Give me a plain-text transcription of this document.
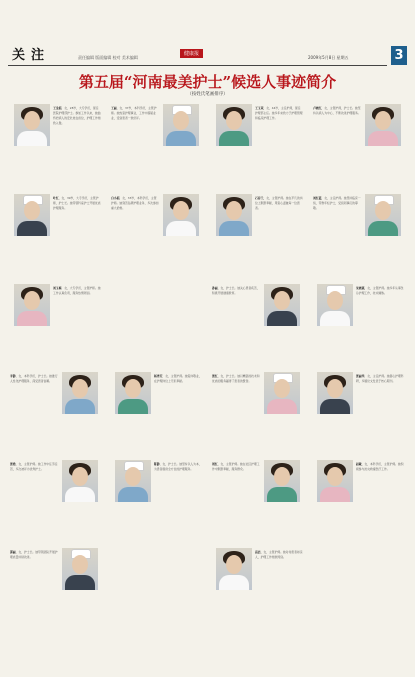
关注	责任编辑 版面编辑 校对 美术编辑
健康报
2009年5月8日 星期五	3
第五届“河南最美护士”候选人事迹简介
（按姓氏笔画排序）
王金娟，女，28岁，大专学历，现任医院护理部护士。参加工作以来，她始终把病人的安危放在首位，护理工作细致入微。
王丽，女，37岁，本科学历，主管护师。她热爱护理事业，工作中兢兢业业，受到患者一致好评。
王玉荣，女，44岁，主任护师，现任护理部主任。她多年来致力于护理管理和临床护理工作。
卢晓红，女，主管护师，护士长。她坚持以病人为中心，不断改进护理服务。
叶红，女，39岁，大专学历，主管护师，护士长。她带领科室护士开展优质护理服务。
白小娟，女，33岁，本科学历，主管护师。她刻苦钻研护理业务，多次参加重大抢救。
石春兰，女，主管护师。她在平凡的岗位上默默奉献，用爱心温暖每一位患者。
刘红霞，女，主任护师。她坚持临床一线，带教年轻护士，受到同事们的尊敬。
刘玉梅，女，大专学历，主管护师。她工作认真负责，服务热情周到。
孙丽，女，护士长。她关心患者疾苦，积极开展健康教育。
朱晓燕，女，主管护师。她多年从事急诊护理工作，技术娴熟。
李静，女，本科学历，护士长。她推行人性化护理服务，深受患者信赖。
杨秀芳，女，主管护师。她爱岗敬业，在护理岗位上无私奉献。
张红，女，护士长。她以精湛的技术和优质的服务赢得了患者的赞誉。
张丽华，女，主任护师。她潜心护理科研，多篇论文发表于核心期刊。
张艳，女，主管护师。她工作中任劳任怨，多次被评为优秀护士。
陈静，女，护士长。她坚持以人为本，为患者提供全方位的护理服务。
周红，女，主管护师。她在社区护理工作中默默奉献，服务群众。
赵敏，女，本科学历，主管护师。她积极参与抗灾救援医疗工作。
郭丽，女，护士长。她带领团队开展护理质量持续改进。
高洁，女，主管护师。她对待患者如亲人，护理工作细致周到。
